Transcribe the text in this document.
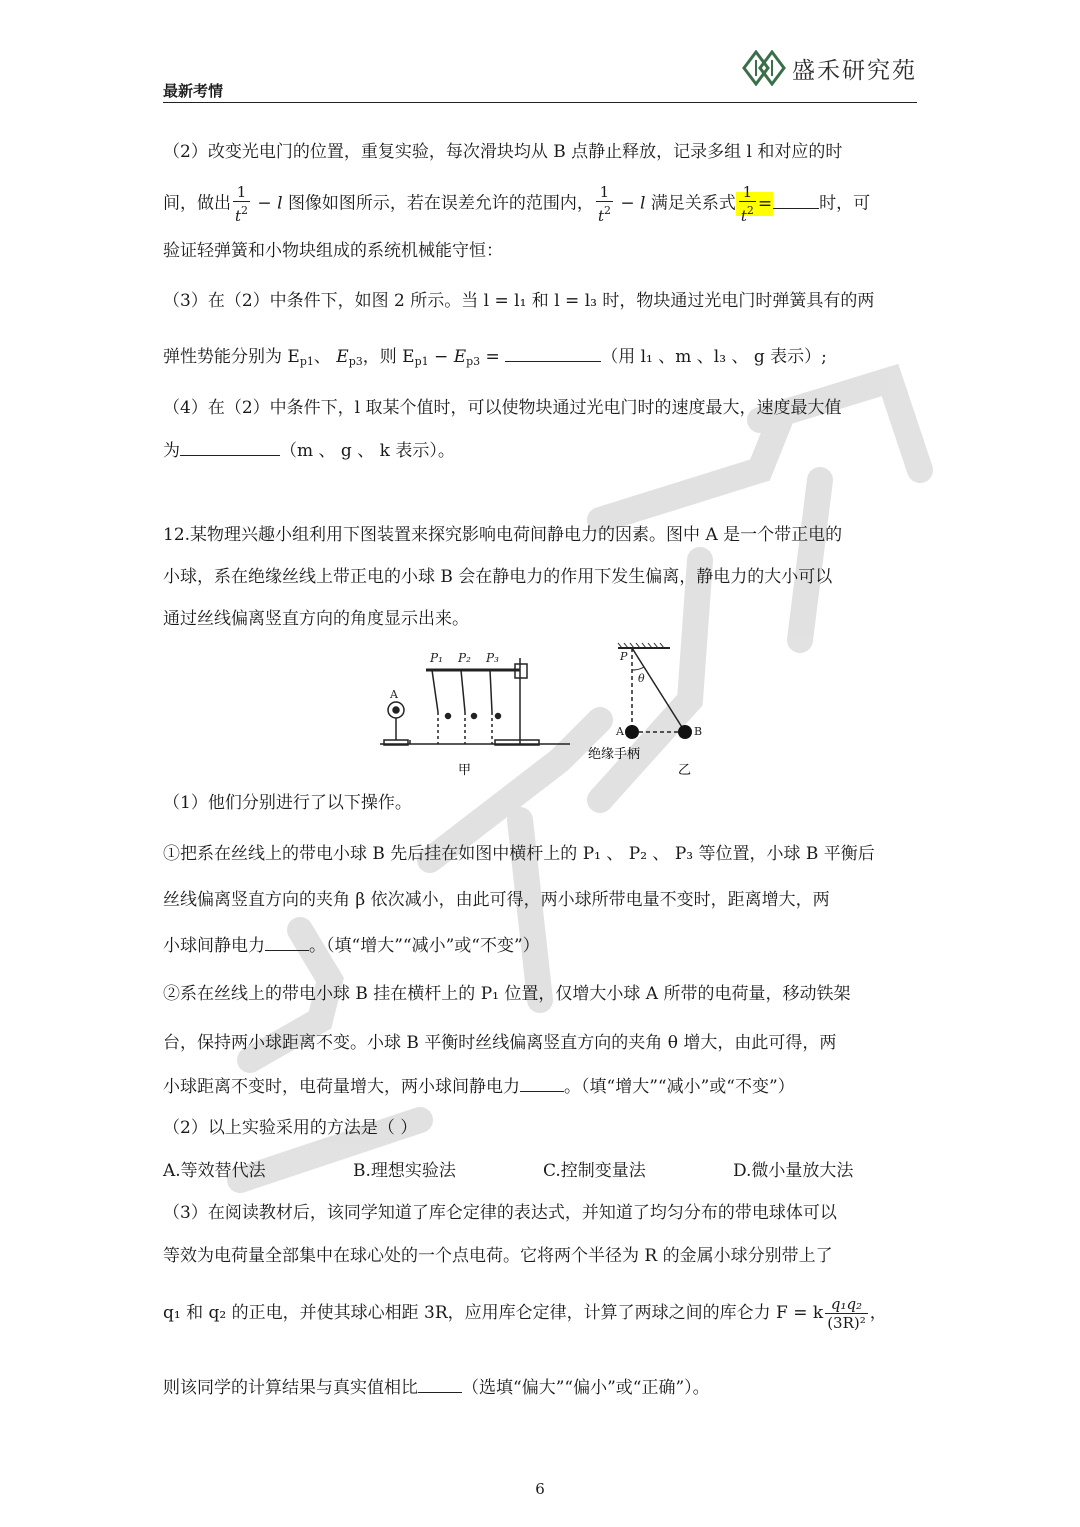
最新考情
盛禾研究苑
（2）改变光电门的位置，重复实验，每次滑块均从 B 点静止释放，记录多组 l 和对应的时
间，做出 $\frac{1}{t^2} - l$ 图像如图所示，若在误差允许的范围内， $\frac{1}{t^2} - l$ 满足关系式 $\frac{1}{t^2}$ =	时，可
验证轻弹簧和小物块组成的系统机械能守恒：
（3）在（2）中条件下，如图 2 所示。当 l = l₁ 和 l = l₃ 时，物块通过光电门时弹簧具有的两
弹性势能分别为 $E_{p1}$、 $E_{p3}$，则 $E_{p1} - E_{p3}$ =	（用 l₁ 、m 、l₃ 、 g 表示）;
（4）在（2）中条件下，l 取某个值时，可以使物块通过光电门时的速度最大，速度最大值
为	（m 、 g 、 k 表示）。
12.某物理兴趣小组利用下图装置来探究影响电荷间静电力的因素。图中 A 是一个带正电的
小球，系在绝缘丝线上带正电的小球 B 会在静电力的作用下发生偏离，静电力的大小可以
通过丝线偏离竖直方向的角度显示出来。
P₁ P₂ P₃
A
甲
P
θ
A	B
绝缘手柄
乙
（1）他们分别进行了以下操作。
①把系在丝线上的带电小球 B 先后挂在如图中横杆上的 P₁ 、 P₂ 、 P₃ 等位置，小球 B 平衡后
丝线偏离竖直方向的夹角 β 依次减小，由此可得，两小球所带电量不变时，距离增大，两
小球间静电力	。（填“增大”“减小”或“不变”）
②系在丝线上的带电小球 B 挂在横杆上的 P₁ 位置，仅增大小球 A 所带的电荷量，移动铁架
台，保持两小球距离不变。小球 B 平衡时丝线偏离竖直方向的夹角 θ 增大，由此可得，两
小球距离不变时，电荷量增大，两小球间静电力	。（填“增大”“减小”或“不变”）
（2）以上实验采用的方法是（ ）
A.等效替代法	B.理想实验法	C.控制变量法	D.微小量放大法
（3）在阅读教材后，该同学知道了库仑定律的表达式，并知道了均匀分布的带电球体可以
等效为电荷量全部集中在球心处的一个点电荷。它将两个半径为 R 的金属小球分别带上了
q₁ 和 q₂ 的正电，并使其球心相距 3R，应用库仑定律，计算了两球之间的库仑力 F = k $\frac{\text{q₁q₂}}{\text{(3R)²}}$ ，
则该同学的计算结果与真实值相比	（选填“偏大”“偏小”或“正确”）。
6
